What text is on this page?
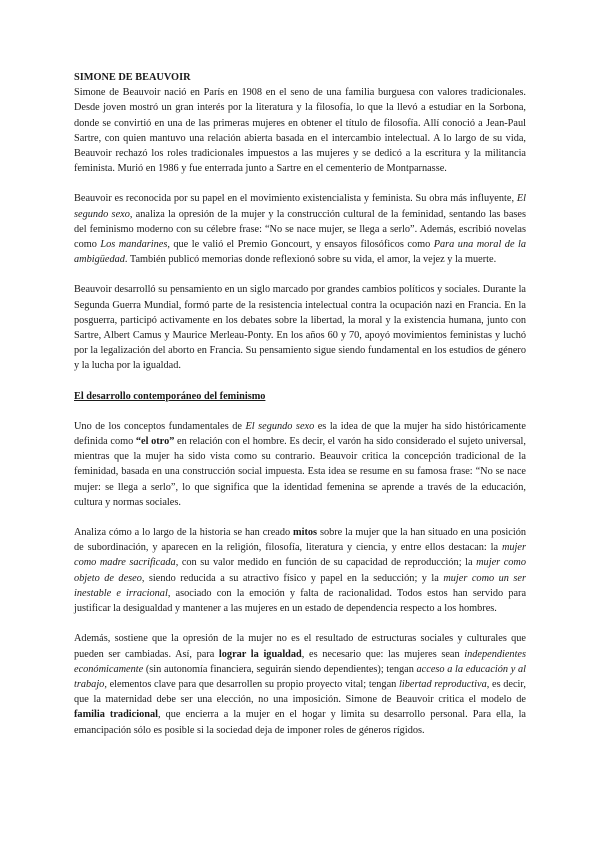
SIMONE DE BEAUVOIR

Simone de Beauvoir nació en París en 1908 en el seno de una familia burguesa con valores tradicionales. Desde joven mostró un gran interés por la literatura y la filosofía, lo que la llevó a estudiar en la Sorbona, donde se convirtió en una de las primeras mujeres en obtener el título de filosofía. Allí conoció a Jean-Paul Sartre, con quien mantuvo una relación abierta basada en el intercambio intelectual. A lo largo de su vida, Beauvoir rechazó los roles tradicionales impuestos a las mujeres y se dedicó a la escritura y la militancia feminista. Murió en 1986 y fue enterrada junto a Sartre en el cementerio de Montparnasse.

Beauvoir es reconocida por su papel en el movimiento existencialista y feminista. Su obra más influyente, El segundo sexo, analiza la opresión de la mujer y la construcción cultural de la feminidad, sentando las bases del feminismo moderno con su célebre frase: “No se nace mujer, se llega a serlo”. Además, escribió novelas como Los mandarines, que le valió el Premio Goncourt, y ensayos filosóficos como Para una moral de la ambigüedad. También publicó memorias donde reflexionó sobre su vida, el amor, la vejez y la muerte.

Beauvoir desarrolló su pensamiento en un siglo marcado por grandes cambios políticos y sociales. Durante la Segunda Guerra Mundial, formó parte de la resistencia intelectual contra la ocupación nazi en Francia. En la posguerra, participó activamente en los debates sobre la libertad, la moral y la existencia humana, junto con Sartre, Albert Camus y Maurice Merleau-Ponty. En los años 60 y 70, apoyó movimientos feministas y luchó por la legalización del aborto en Francia. Su pensamiento sigue siendo fundamental en los estudios de género y la lucha por la igualdad.

El desarrollo contemporáneo del feminismo

Uno de los conceptos fundamentales de El segundo sexo es la idea de que la mujer ha sido históricamente definida como “el otro” en relación con el hombre. Es decir, el varón ha sido considerado el sujeto universal, mientras que la mujer ha sido vista como su contrario. Beauvoir critica la concepción tradicional de la feminidad, basada en una construcción social impuesta. Esta idea se resume en su famosa frase: “No se nace mujer: se llega a serlo”, lo que significa que la identidad femenina se aprende a través de la educación, cultura y normas sociales.

Analiza cómo a lo largo de la historia se han creado mitos sobre la mujer que la han situado en una posición de subordinación, y aparecen en la religión, filosofía, literatura y ciencia, y entre ellos destacan: la mujer como madre sacrificada, con su valor medido en función de su capacidad de reproducción; la mujer como objeto de deseo, siendo reducida a su atractivo físico y papel en la seducción; y la mujer como un ser inestable e irracional, asociado con la emoción y falta de racionalidad. Todos estos han servido para justificar la desigualdad y mantener a las mujeres en un estado de dependencia respecto a los hombres.

Además, sostiene que la opresión de la mujer no es el resultado de estructuras sociales y culturales que pueden ser cambiadas. Así, para lograr la igualdad, es necesario que: las mujeres sean independientes económicamente (sin autonomía financiera, seguirán siendo dependientes); tengan acceso a la educación y al trabajo, elementos clave para que desarrollen su propio proyecto vital; tengan libertad reproductiva, es decir, que la maternidad debe ser una elección, no una imposición. Simone de Beauvoir critica el modelo de familia tradicional, que encierra a la mujer en el hogar y limita su desarrollo personal. Para ella, la emancipación sólo es posible si la sociedad deja de imponer roles de géneros rígidos.
